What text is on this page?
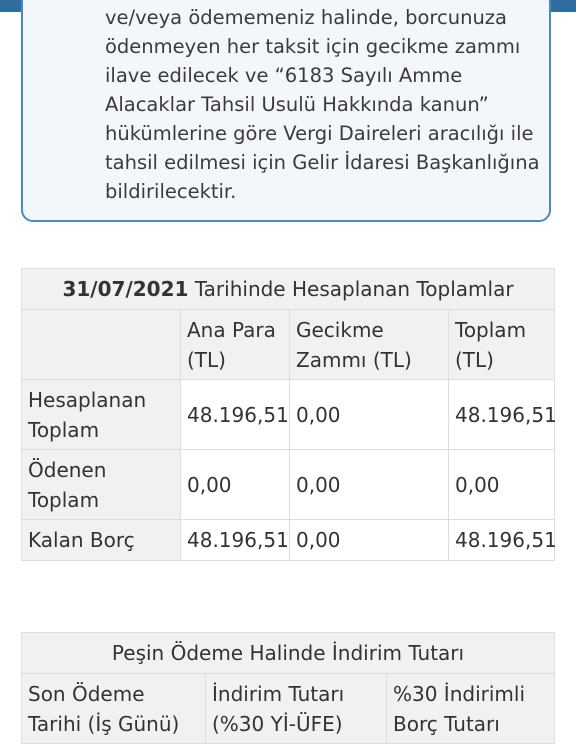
ve/veya ödememeniz halinde, borcunuza
ödenmeyen her taksit için gecikme zammı
ilave edilecek ve “6183 Sayılı Amme
Alacaklar Tahsil Usulü Hakkında kanun”
hükümlerine göre Vergi Daireleri aracılığı ile
tahsil edilmesi için Gelir İdaresi Başkanlığına
bildirilecektir.
31/07/2021 Tarihinde Hesaplanan Toplamlar			
	Ana Para (TL)	Gecikme Zammı (TL)	Toplam (TL)
Hesaplanan Toplam	48.196,51	0,00	48.196,51
Ödenen Toplam	0,00	0,00	0,00
Kalan Borç	48.196,51	0,00	48.196,51
Peşin Ödeme Halinde İndirim Tutarı
Son Ödeme Tarihi (İş Günü)	İndirim Tutarı (%30 Yİ-ÜFE)	%30 İndirimli Borç Tutarı
